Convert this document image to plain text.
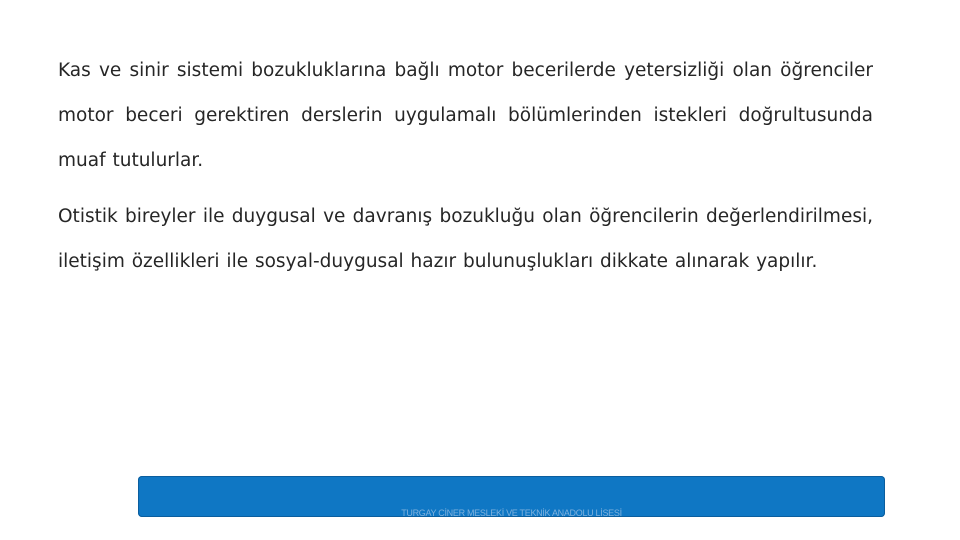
Kas ve sinir sistemi bozukluklarına bağlı motor becerilerde yetersizliği olan öğrenciler motor beceri gerektiren derslerin uygulamalı bölümlerinden istekleri doğrultusunda muaf tutulurlar.

Otistik bireyler ile duygusal ve davranış bozukluğu olan öğrencilerin değerlendirilmesi, iletişim özellikleri ile sosyal-duygusal hazır bulunuşlukları dikkate alınarak yapılır.

TURGAY CİNER MESLEKİ VE TEKNİK ANADOLU LİSESİ
